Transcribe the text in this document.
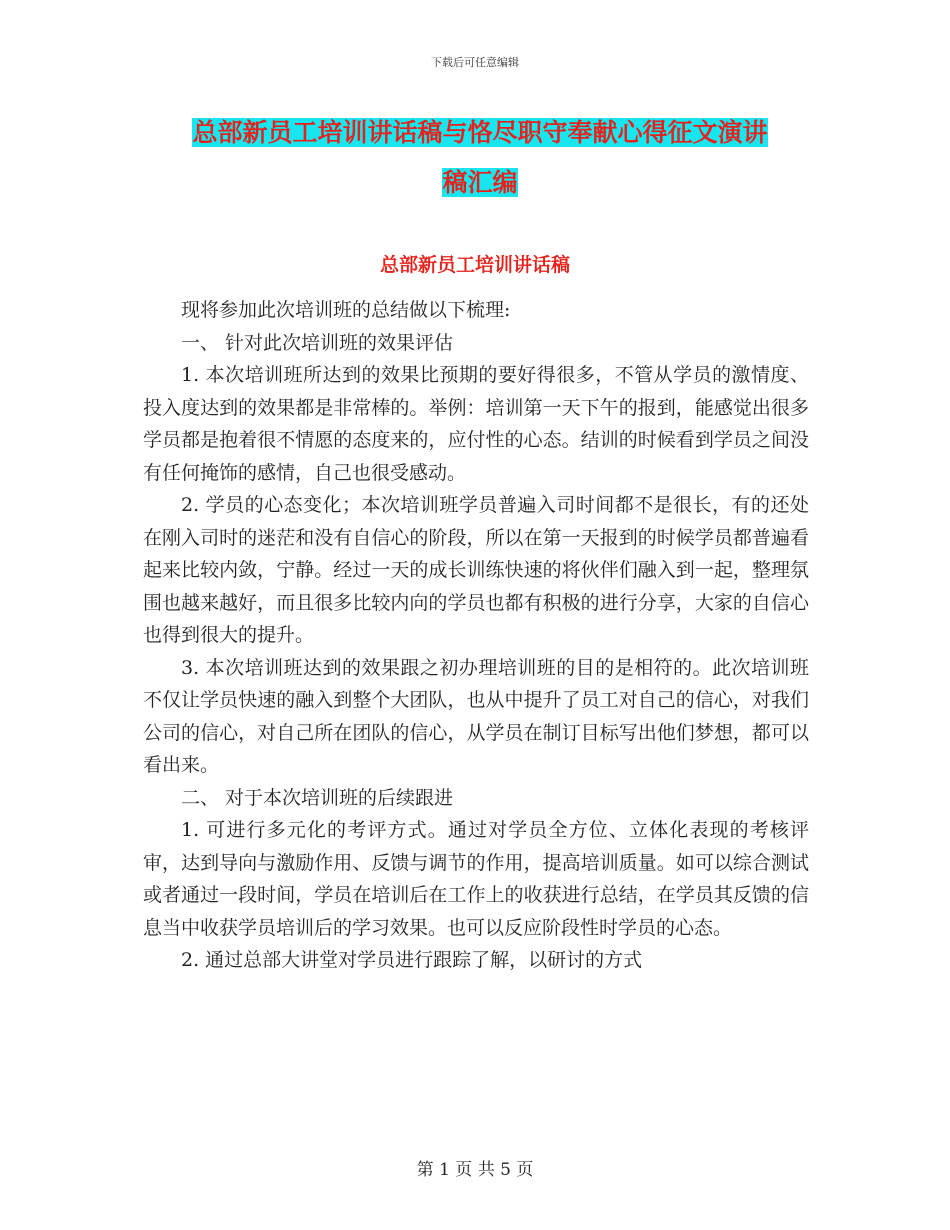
下载后可任意编辑
总部新员工培训讲话稿与恪尽职守奉献心得征文演讲
稿汇编
总部新员工培训讲话稿

现将参加此次培训班的总结做以下梳理:

一、 针对此次培训班的效果评估

1. 本次培训班所达到的效果比预期的要好得很多，不管从学员的激情度、投入度达到的效果都是非常棒的。举例：培训第一天下午的报到，能感觉出很多学员都是抱着很不情愿的态度来的，应付性的心态。结训的时候看到学员之间没有任何掩饰的感情，自己也很受感动。

2. 学员的心态变化；本次培训班学员普遍入司时间都不是很长，有的还处在刚入司时的迷茫和没有自信心的阶段，所以在第一天报到的时候学员都普遍看起来比较内敛，宁静。经过一天的成长训练快速的将伙伴们融入到一起，整理氛围也越来越好，而且很多比较内向的学员也都有积极的进行分享，大家的自信心也得到很大的提升。

3. 本次培训班达到的效果跟之初办理培训班的目的是相符的。此次培训班不仅让学员快速的融入到整个大团队，也从中提升了员工对自己的信心，对我们公司的信心，对自己所在团队的信心，从学员在制订目标写出他们梦想，都可以看出来。

二、 对于本次培训班的后续跟进

1. 可进行多元化的考评方式。通过对学员全方位、立体化表现的考核评审，达到导向与激励作用、反馈与调节的作用，提高培训质量。如可以综合测试或者通过一段时间，学员在培训后在工作上的收获进行总结，在学员其反馈的信息当中收获学员培训后的学习效果。也可以反应阶段性时学员的心态。

2. 通过总部大讲堂对学员进行跟踪了解，以研讨的方式

第 1 页 共 5 页
